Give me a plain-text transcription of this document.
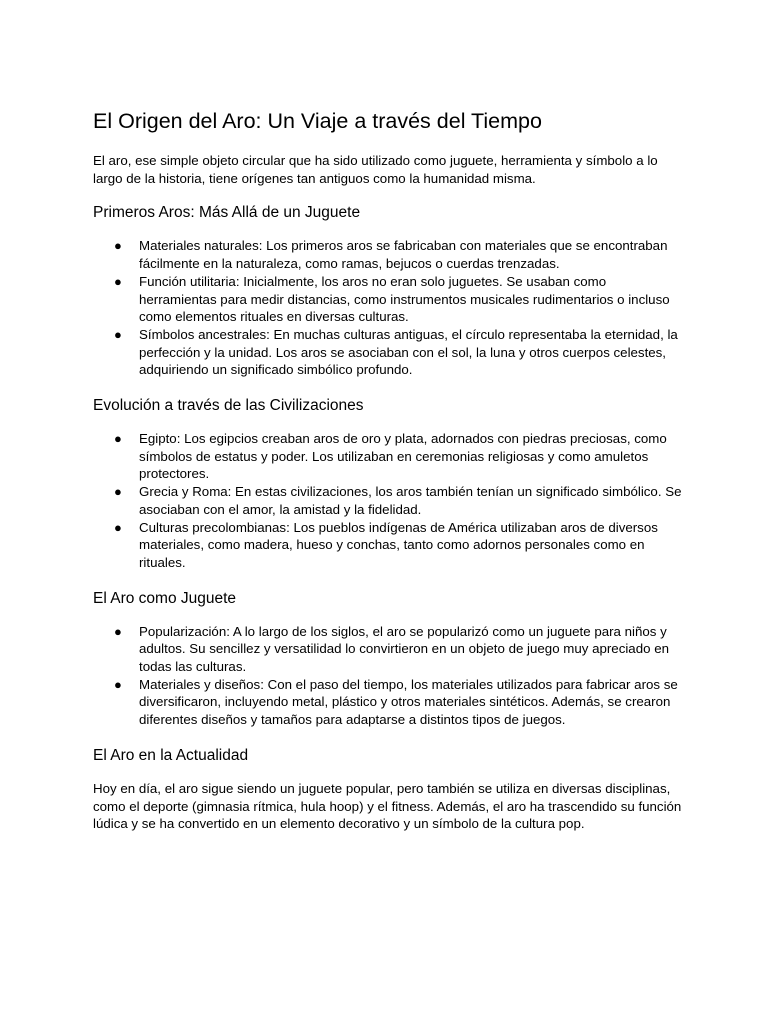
El Origen del Aro: Un Viaje a través del Tiempo

El aro, ese simple objeto circular que ha sido utilizado como juguete, herramienta y símbolo a lo largo de la historia, tiene orígenes tan antiguos como la humanidad misma.

Primeros Aros: Más Allá de un Juguete
● Materiales naturales: Los primeros aros se fabricaban con materiales que se encontraban fácilmente en la naturaleza, como ramas, bejucos o cuerdas trenzadas.
● Función utilitaria: Inicialmente, los aros no eran solo juguetes. Se usaban como herramientas para medir distancias, como instrumentos musicales rudimentarios o incluso como elementos rituales en diversas culturas.
● Símbolos ancestrales: En muchas culturas antiguas, el círculo representaba la eternidad, la perfección y la unidad. Los aros se asociaban con el sol, la luna y otros cuerpos celestes, adquiriendo un significado simbólico profundo.
Evolución a través de las Civilizaciones
● Egipto: Los egipcios creaban aros de oro y plata, adornados con piedras preciosas, como símbolos de estatus y poder. Los utilizaban en ceremonias religiosas y como amuletos protectores.
● Grecia y Roma: En estas civilizaciones, los aros también tenían un significado simbólico. Se asociaban con el amor, la amistad y la fidelidad.
● Culturas precolombianas: Los pueblos indígenas de América utilizaban aros de diversos materiales, como madera, hueso y conchas, tanto como adornos personales como en rituales.
El Aro como Juguete
● Popularización: A lo largo de los siglos, el aro se popularizó como un juguete para niños y adultos. Su sencillez y versatilidad lo convirtieron en un objeto de juego muy apreciado en todas las culturas.
● Materiales y diseños: Con el paso del tiempo, los materiales utilizados para fabricar aros se diversificaron, incluyendo metal, plástico y otros materiales sintéticos. Además, se crearon diferentes diseños y tamaños para adaptarse a distintos tipos de juegos.
El Aro en la Actualidad

Hoy en día, el aro sigue siendo un juguete popular, pero también se utiliza en diversas disciplinas, como el deporte (gimnasia rítmica, hula hoop) y el fitness. Además, el aro ha trascendido su función lúdica y se ha convertido en un elemento decorativo y un símbolo de la cultura pop.
